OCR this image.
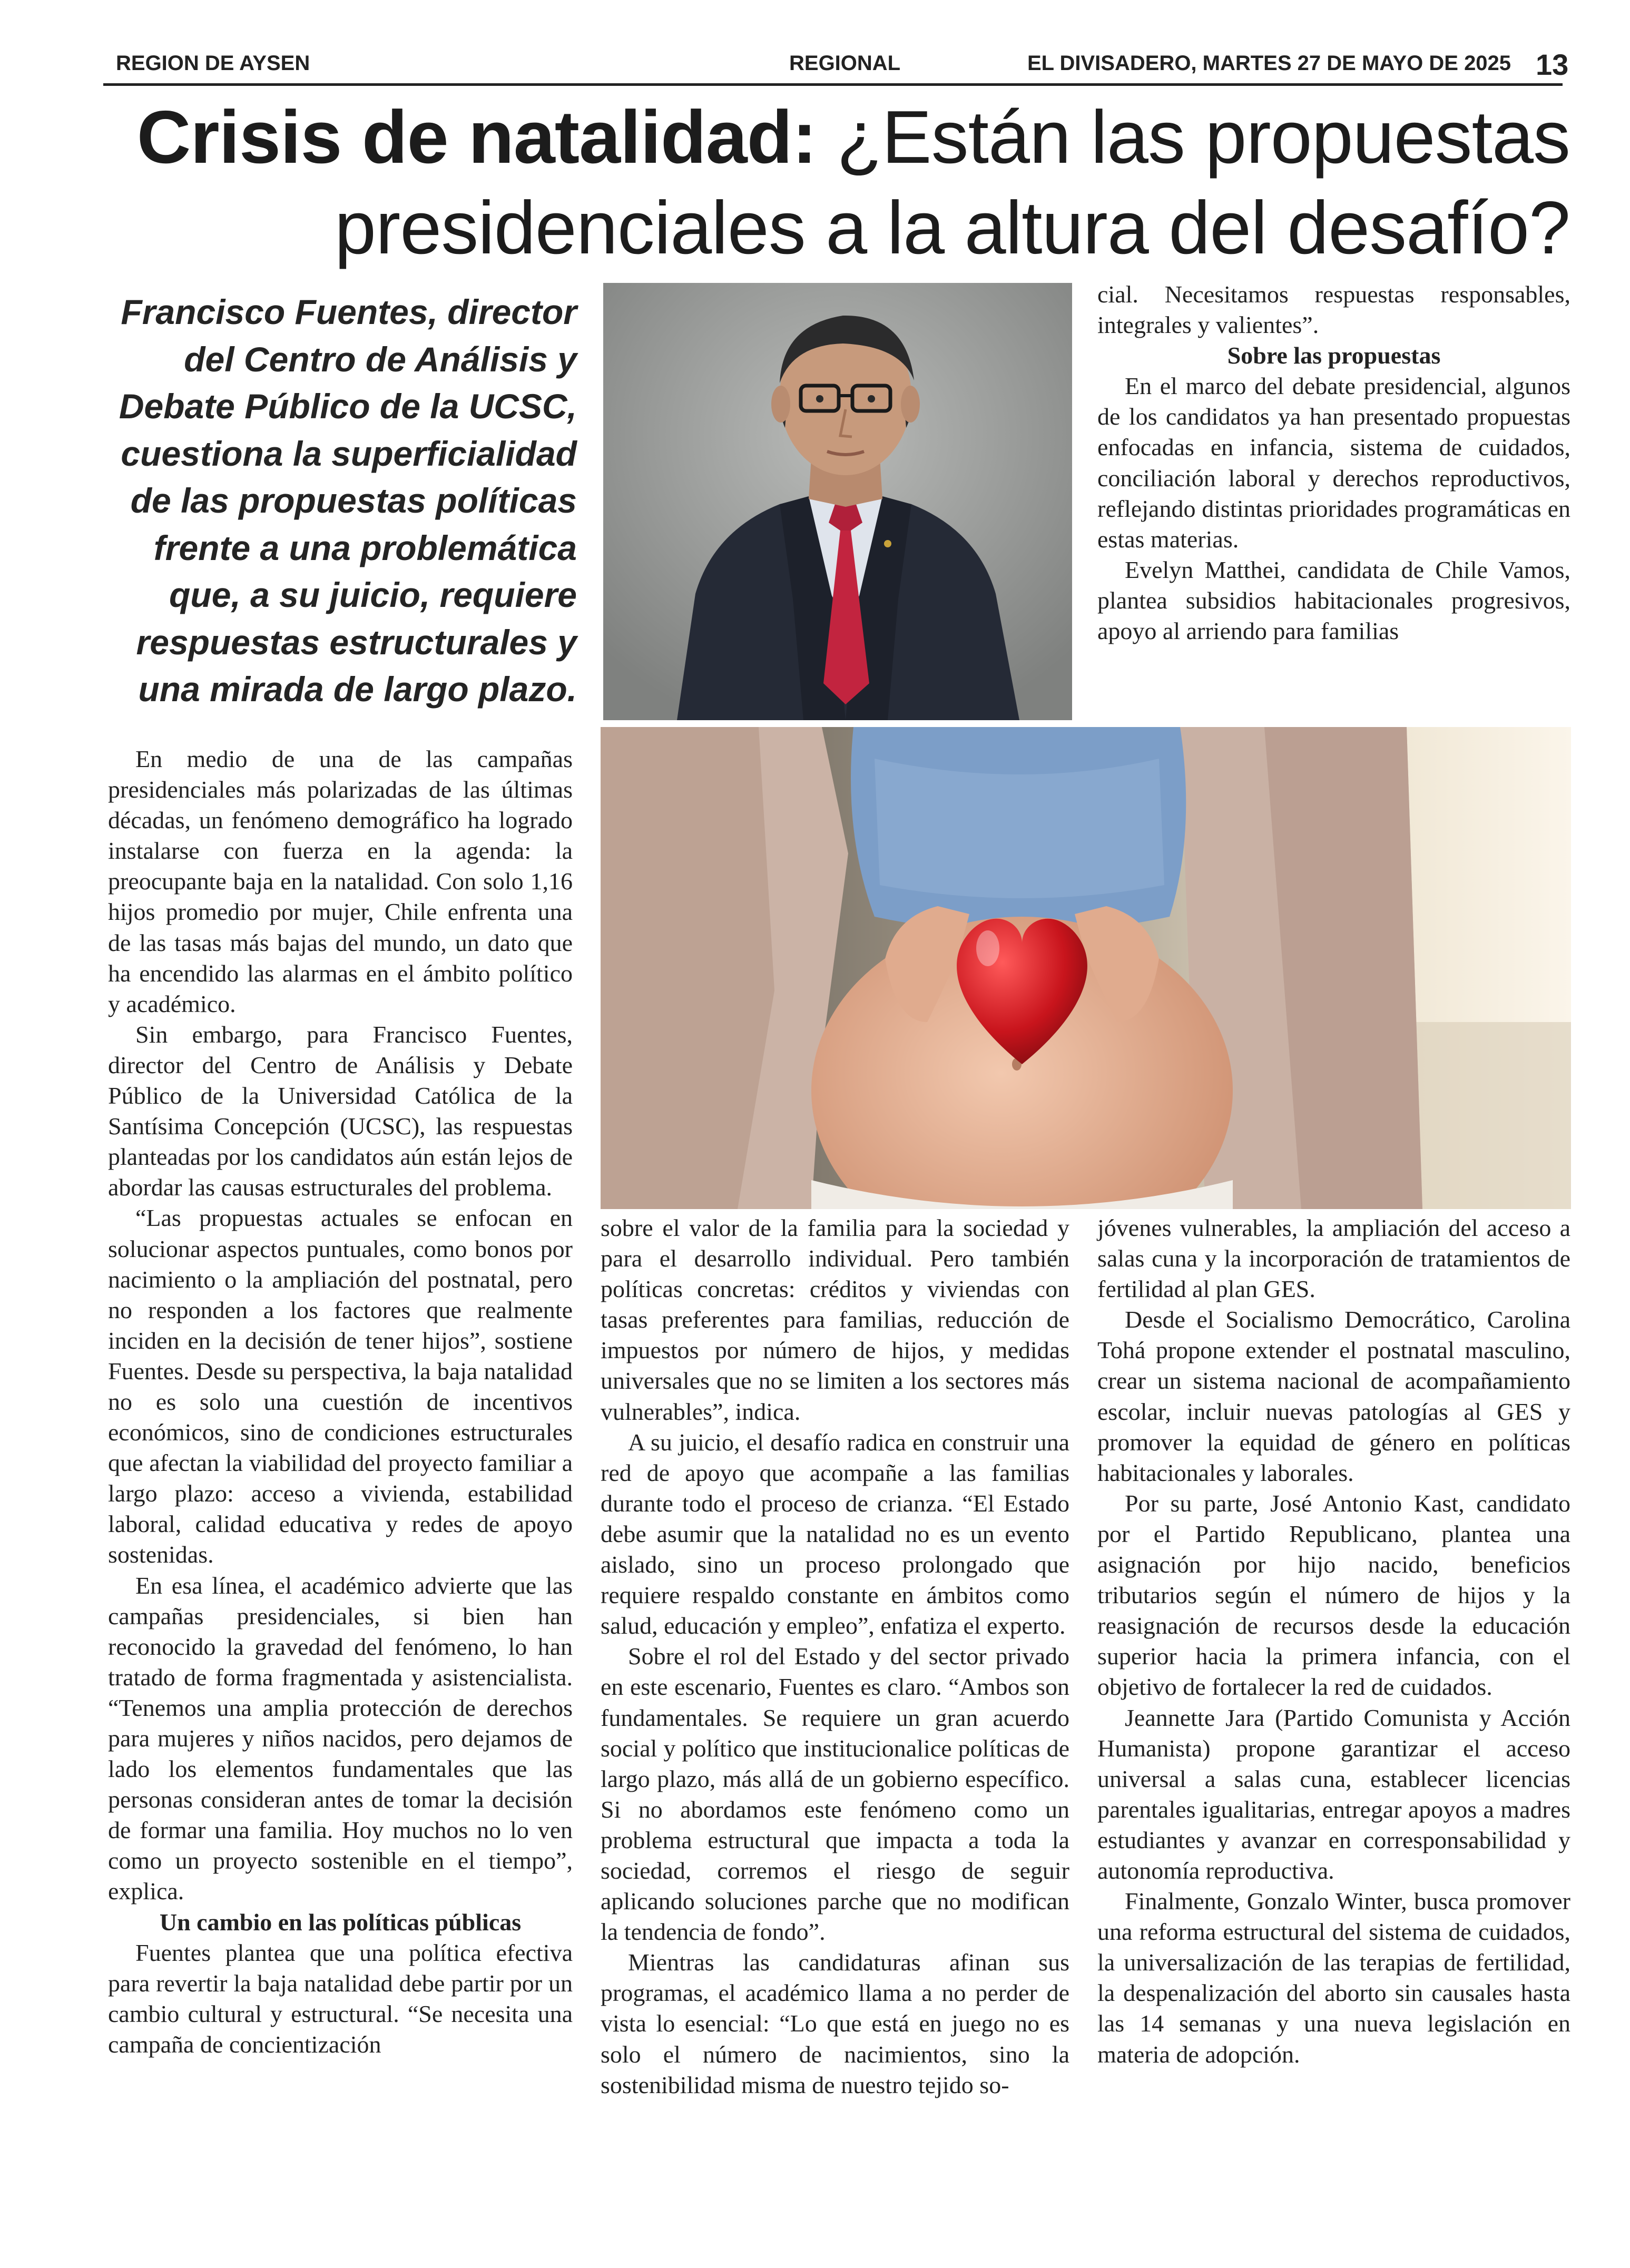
REGION DE AYSEN	REGIONAL	EL DIVISADERO, MARTES 27 DE MAYO DE 2025 13
Crisis de natalidad: ¿Están las propuestas presidenciales a la altura del desafío?
Francisco Fuentes, director del Centro de Análisis y Debate Público de la UCSC, cuestiona la superficialidad de las propuestas políticas frente a una problemática que, a su juicio, requiere respuestas estructurales y una mirada de largo plazo.

En medio de una de las campañas presidenciales más polarizadas de las últimas décadas, un fenómeno demográfico ha logrado instalarse con fuerza en la agenda: la preocupante baja en la natalidad. Con solo 1,16 hijos promedio por mujer, Chile enfrenta una de las tasas más bajas del mundo, un dato que ha encendido las alarmas en el ámbito político y académico.

Sin embargo, para Francisco Fuentes, director del Centro de Análisis y Debate Público de la Universidad Católica de la Santísima Concepción (UCSC), las respuestas planteadas por los candidatos aún están lejos de abordar las causas estructurales del problema.

“Las propuestas actuales se enfocan en solucionar aspectos puntuales, como bonos por nacimiento o la ampliación del postnatal, pero no responden a los factores que realmente inciden en la decisión de tener hijos”, sostiene Fuentes. Desde su perspectiva, la baja natalidad no es solo una cuestión de incentivos económicos, sino de condiciones estructurales que afectan la viabilidad del proyecto familiar a largo plazo: acceso a vivienda, estabilidad laboral, calidad educativa y redes de apoyo sostenidas.

En esa línea, el académico advierte que las campañas presidenciales, si bien han reconocido la gravedad del fenómeno, lo han tratado de forma fragmentada y asistencialista. “Tenemos una amplia protección de derechos para mujeres y niños nacidos, pero dejamos de lado los elementos fundamentales que las personas consideran antes de tomar la decisión de formar una familia. Hoy muchos no lo ven como un proyecto sostenible en el tiempo”, explica.

Un cambio en las políticas públicas

Fuentes plantea que una política efectiva para revertir la baja natalidad debe partir por un cambio cultural y estructural. “Se necesita una campaña de concientización

sobre el valor de la familia para la sociedad y para el desarrollo individual. Pero también políticas concretas: créditos y viviendas con tasas preferentes para familias, reducción de impuestos por número de hijos, y medidas universales que no se limiten a los sectores más vulnerables”, indica.

A su juicio, el desafío radica en construir una red de apoyo que acompañe a las familias durante todo el proceso de crianza. “El Estado debe asumir que la natalidad no es un evento aislado, sino un proceso prolongado que requiere respaldo constante en ámbitos como salud, educación y empleo”, enfatiza el experto.

Sobre el rol del Estado y del sector privado en este escenario, Fuentes es claro. “Ambos son fundamentales. Se requiere un gran acuerdo social y político que institucionalice políticas de largo plazo, más allá de un gobierno específico. Si no abordamos este fenómeno como un problema estructural que impacta a toda la sociedad, corremos el riesgo de seguir aplicando soluciones parche que no modifican la tendencia de fondo”.

Mientras las candidaturas afinan sus programas, el académico llama a no perder de vista lo esencial: “Lo que está en juego no es solo el número de nacimientos, sino la sostenibilidad misma de nuestro tejido so-

cial. Necesitamos respuestas responsables, integrales y valientes”.

Sobre las propuestas

En el marco del debate presidencial, algunos de los candidatos ya han presentado propuestas enfocadas en infancia, sistema de cuidados, conciliación laboral y derechos reproductivos, reflejando distintas prioridades programáticas en estas materias.

Evelyn Matthei, candidata de Chile Vamos, plantea subsidios habitacionales progresivos, apoyo al arriendo para familias

jóvenes vulnerables, la ampliación del acceso a salas cuna y la incorporación de tratamientos de fertilidad al plan GES.

Desde el Socialismo Democrático, Carolina Tohá propone extender el postnatal masculino, crear un sistema nacional de acompañamiento escolar, incluir nuevas patologías al GES y promover la equidad de género en políticas habitacionales y laborales.

Por su parte, José Antonio Kast, candidato por el Partido Republicano, plantea una asignación por hijo nacido, beneficios tributarios según el número de hijos y la reasignación de recursos desde la educación superior hacia la primera infancia, con el objetivo de fortalecer la red de cuidados.

Jeannette Jara (Partido Comunista y Acción Humanista) propone garantizar el acceso universal a salas cuna, establecer licencias parentales igualitarias, entregar apoyos a madres estudiantes y avanzar en corresponsabilidad y autonomía reproductiva.

Finalmente, Gonzalo Winter, busca promover una reforma estructural del sistema de cuidados, la universalización de las terapias de fertilidad, la despenalización del aborto sin causales hasta las 14 semanas y una nueva legislación en materia de adopción.
